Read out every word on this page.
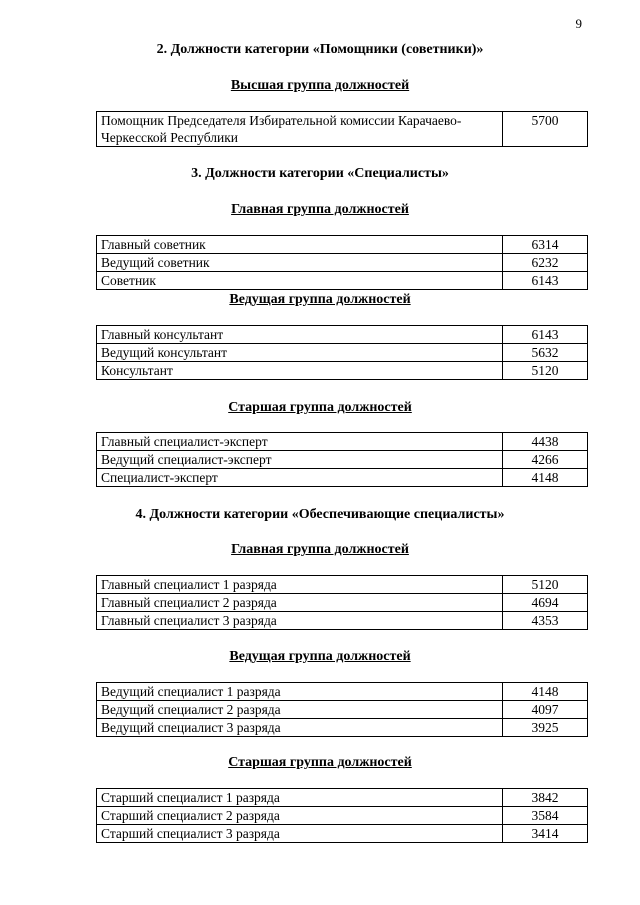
9
2. Должности категории «Помощники (советники)»
Высшая группа должностей
Помощник Председателя Избирательной комиссии Карачаево-Черкесской Республики	5700
3. Должности категории «Специалисты»
Главная группа должностей
Главный советник	6314
Ведущий советник	6232
Советник	6143
Ведущая группа должностей
Главный консультант	6143
Ведущий консультант	5632
Консультант	5120
Старшая группа должностей
Главный специалист-эксперт	4438
Ведущий специалист-эксперт	4266
Специалист-эксперт	4148
4. Должности категории «Обеспечивающие специалисты»
Главная группа должностей
Главный специалист 1 разряда	5120
Главный специалист 2 разряда	4694
Главный специалист 3 разряда	4353
Ведущая группа должностей
Ведущий специалист 1 разряда	4148
Ведущий специалист 2 разряда	4097
Ведущий специалист 3 разряда	3925
Старшая группа должностей
Старший специалист 1 разряда	3842
Старший специалист 2 разряда	3584
Старший специалист 3 разряда	3414
